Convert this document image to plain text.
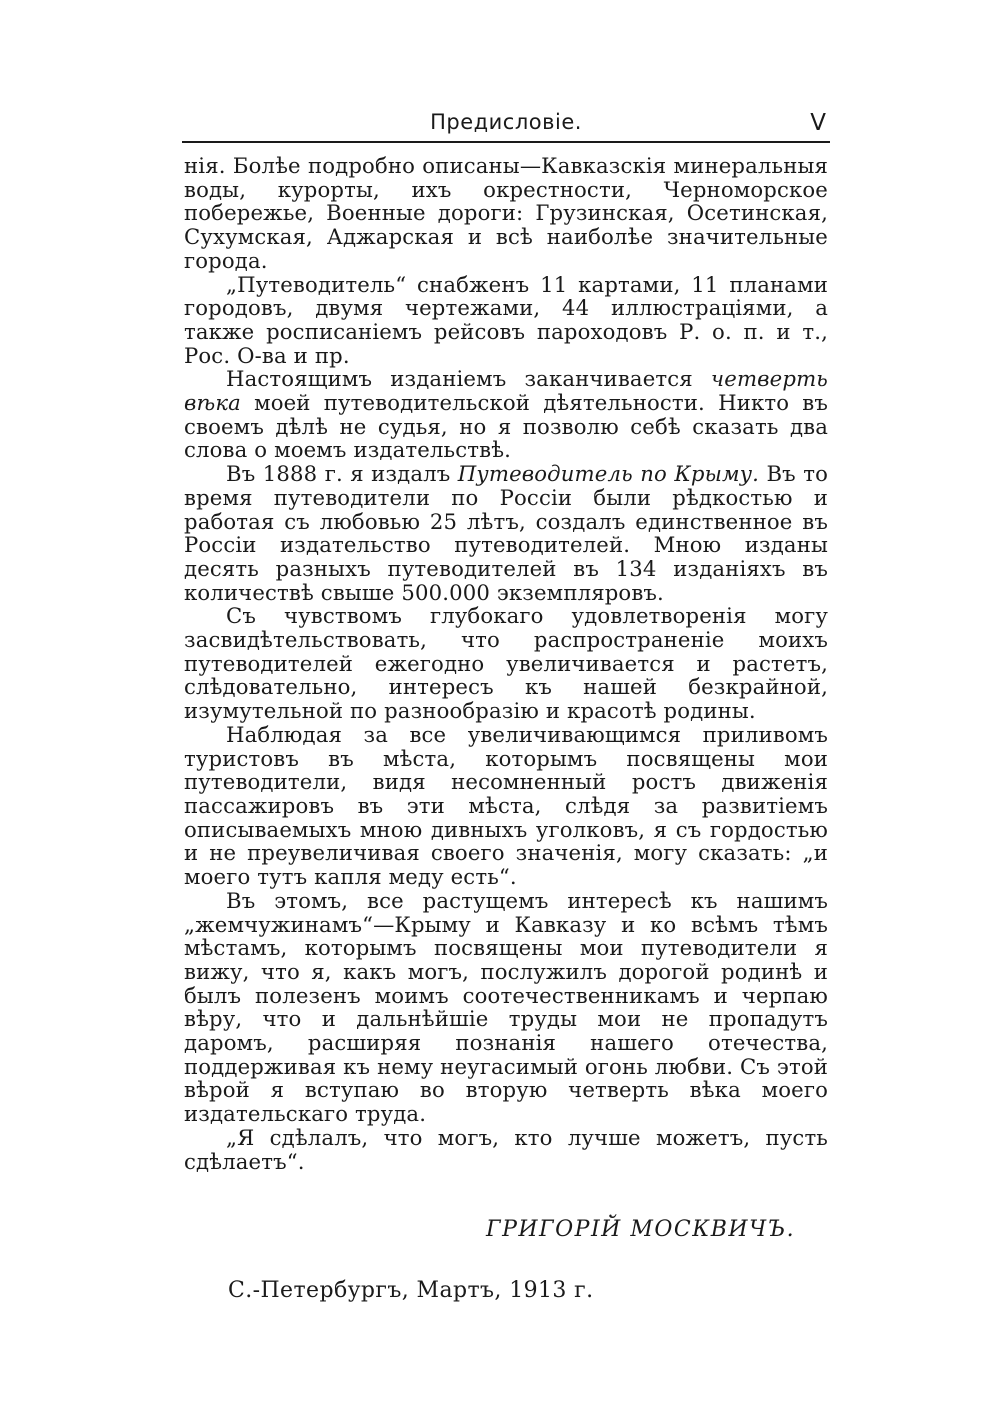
Предисловіе.	V

нія. Болѣе подробно описаны—Кавказскія минеральныя воды, курорты, ихъ окрестности, Черноморское побережье, Военные дороги: Грузинская, Осетинская, Сухумская, Аджарская и всѣ наиболѣе значительные города.

„Путеводитель“ снабженъ 11 картами, 11 планами городовъ, двумя чертежами, 44 иллюстраціями, а также росписаніемъ рейсовъ пароходовъ Р. о. п. и т., Рос. О-ва и пр.

Настоящимъ изданіемъ заканчивается четверть вѣка моей путеводительской дѣятельности. Никто въ своемъ дѣлѣ не судья, но я позволю себѣ сказать два слова о моемъ издательствѣ.

Въ 1888 г. я издалъ Путеводитель по Крыму. Въ то время путеводители по Россіи были рѣдкостью и работая съ любовью 25 лѣтъ, создалъ единственное въ Россіи издательство путеводителей. Мною изданы десять разныхъ путеводителей въ 134 изданіяхъ въ количествѣ свыше 500.000 экземпляровъ.

Съ чувствомъ глубокаго удовлетворенія могу засвидѣтельствовать, что распространеніе моихъ путеводителей ежегодно увеличивается и растетъ, слѣдовательно, интересъ къ нашей безкрайной, изумутельной по разнообразію и красотѣ родины.

Наблюдая за все увеличивающимся приливомъ туристовъ въ мѣста, которымъ посвящены мои путеводители, видя несомненный ростъ движенія пассажировъ въ эти мѣста, слѣдя за развитіемъ описываемыхъ мною дивныхъ уголковъ, я съ гордостью и не преувеличивая своего значенія, могу сказать: „и моего тутъ капля меду есть“.

Въ этомъ, все растущемъ интересѣ къ нашимъ „жемчужинамъ“—Крыму и Кавказу и ко всѣмъ тѣмъ мѣстамъ, которымъ посвящены мои путеводители я вижу, что я, какъ могъ, послужилъ дорогой родинѣ и былъ полезенъ моимъ соотечественникамъ и черпаю вѣру, что и дальнѣйшіе труды мои не пропадутъ даромъ, расширяя познанія нашего отечества, поддерживая къ нему неугасимый огонь любви. Съ этой вѣрой я вступаю во вторую четверть вѣка моего издательскаго труда.

„Я сдѣлалъ, что могъ, кто лучше можетъ, пусть сдѣлаетъ“.

ГРИГОРІЙ МОСКВИЧЪ.
С.-Петербургъ, Мартъ, 1913 г.
